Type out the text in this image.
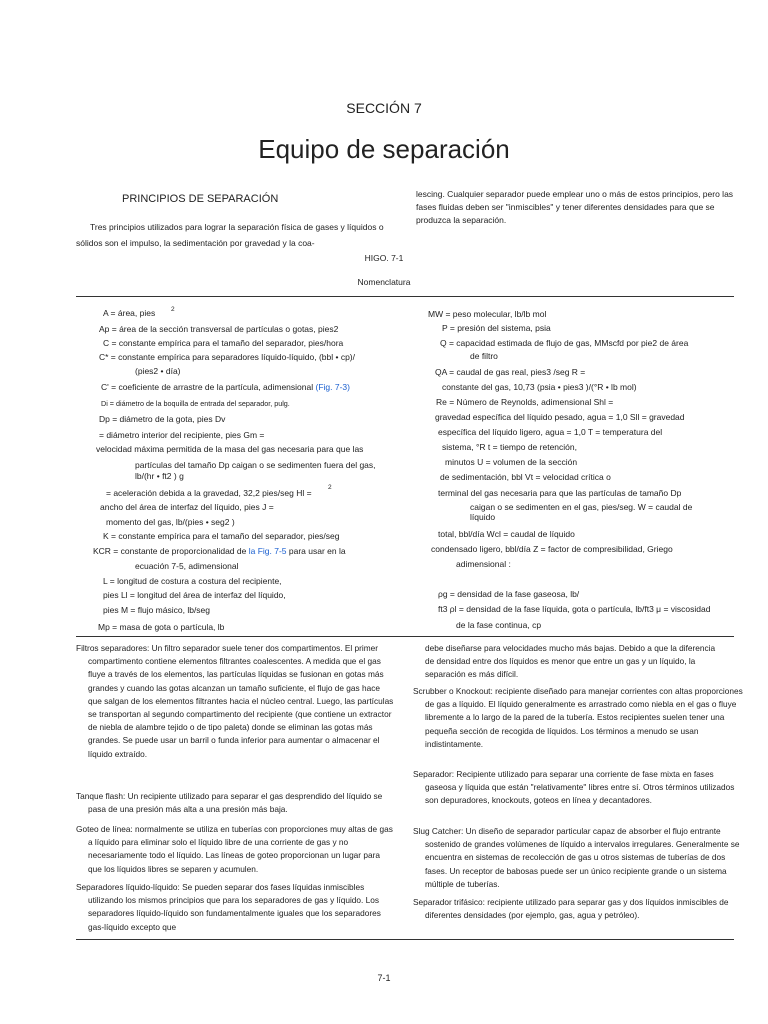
SECCIÓN 7
Equipo de separación
PRINCIPIOS DE SEPARACIÓN
Tres principios utilizados para lograr la separación física de gases y líquidos o sólidos son el impulso, la sedimentación por gravedad y la coa-
lescing. Cualquier separador puede emplear uno o más de estos principios, pero las fases fluidas deben ser "inmiscibles" y tener diferentes densidades para que se produzca la separación.
HIGO. 7-1
Nomenclatura
A = área, pies 2
Ap = área de la sección transversal de partículas o gotas, pies2
C = constante empírica para el tamaño del separador, pies/hora
C* = constante empírica para separadores líquido-líquido, (bbl • cp)/
(pies2 • día)
C' = coeficiente de arrastre de la partícula, adimensional (Fig. 7-3)
Di = diámetro de la boquilla de entrada del separador, pulg.
Dp = diámetro de la gota, pies Dv
= diámetro interior del recipiente, pies Gm =
velocidad máxima permitida de la masa del gas necesaria para que las
partículas del tamaño Dp caigan o se sedimenten fuera del gas,
lb/(hr • ft2 ) g
= aceleración debida a la gravedad, 32,2 pies/seg Hl =
2
ancho del área de interfaz del líquido, pies J =
momento del gas, lb/(pies • seg2 )
K = constante empírica para el tamaño del separador, pies/seg
KCR = constante de proporcionalidad de la Fig. 7-5 para usar en la
ecuación 7-5, adimensional
L = longitud de costura a costura del recipiente,
pies Ll = longitud del área de interfaz del líquido,
pies M = flujo másico, lb/seg
Mp = masa de gota o partícula, lb
MW = peso molecular, lb/lb mol
P = presión del sistema, psia
Q = capacidad estimada de flujo de gas, MMscfd por pie2 de área
de filtro
QA = caudal de gas real, pies3 /seg R =
constante del gas, 10,73 (psia • pies3 )/(°R • lb mol)
Re = Número de Reynolds, adimensional Shl =
gravedad específica del líquido pesado, agua = 1,0 Sll = gravedad
específica del líquido ligero, agua = 1,0 T = temperatura del
sistema, °R t = tiempo de retención,
minutos U = volumen de la sección
de sedimentación, bbl Vt = velocidad crítica o
terminal del gas necesaria para que las partículas de tamaño Dp
caigan o se sedimenten en el gas, pies/seg. W = caudal de
líquido
total, bbl/día Wcl = caudal de líquido
condensado ligero, bbl/día Z = factor de compresibilidad, Griego
adimensional :
ρg = densidad de la fase gaseosa, lb/
ft3 ρl = densidad de la fase líquida, gota o partícula, lb/ft3 μ = viscosidad
de la fase continua, cp
Filtros separadores: Un filtro separador suele tener dos compartimentos. El primer compartimento contiene elementos filtrantes coalescentes. A medida que el gas fluye a través de los elementos, las partículas líquidas se fusionan en gotas más grandes y cuando las gotas alcanzan un tamaño suficiente, el flujo de gas hace que salgan de los elementos filtrantes hacia el núcleo central. Luego, las partículas se transportan al segundo compartimento del recipiente (que contiene un extractor de niebla de alambre tejido o de tipo paleta) donde se eliminan las gotas más grandes. Se puede usar un barril o funda inferior para aumentar o almacenar el líquido extraído.
Tanque flash: Un recipiente utilizado para separar el gas desprendido del líquido se pasa de una presión más alta a una presión más baja.
Goteo de línea: normalmente se utiliza en tuberías con proporciones muy altas de gas a líquido para eliminar solo el líquido libre de una corriente de gas y no necesariamente todo el líquido. Las líneas de goteo proporcionan un lugar para que los líquidos libres se separen y acumulen.
Separadores líquido-líquido: Se pueden separar dos fases líquidas inmiscibles utilizando los mismos principios que para los separadores de gas y líquido. Los separadores líquido-líquido son fundamentalmente iguales que los separadores gas-líquido excepto que
debe diseñarse para velocidades mucho más bajas. Debido a que la diferencia de densidad entre dos líquidos es menor que entre un gas y un líquido, la separación es más difícil.
Scrubber o Knockout: recipiente diseñado para manejar corrientes con altas proporciones de gas a líquido. El líquido generalmente es arrastrado como niebla en el gas o fluye libremente a lo largo de la pared de la tubería. Estos recipientes suelen tener una pequeña sección de recogida de líquidos. Los términos a menudo se usan indistintamente.
Separador: Recipiente utilizado para separar una corriente de fase mixta en fases gaseosa y líquida que están "relativamente" libres entre sí. Otros términos utilizados son depuradores, knockouts, goteos en línea y decantadores.
Slug Catcher: Un diseño de separador particular capaz de absorber el flujo entrante sostenido de grandes volúmenes de líquido a intervalos irregulares. Generalmente se encuentra en sistemas de recolección de gas u otros sistemas de tuberías de dos fases. Un receptor de babosas puede ser un único recipiente grande o un sistema múltiple de tuberías.
Separador trifásico: recipiente utilizado para separar gas y dos líquidos inmiscibles de diferentes densidades (por ejemplo, gas, agua y petróleo).
7-1
